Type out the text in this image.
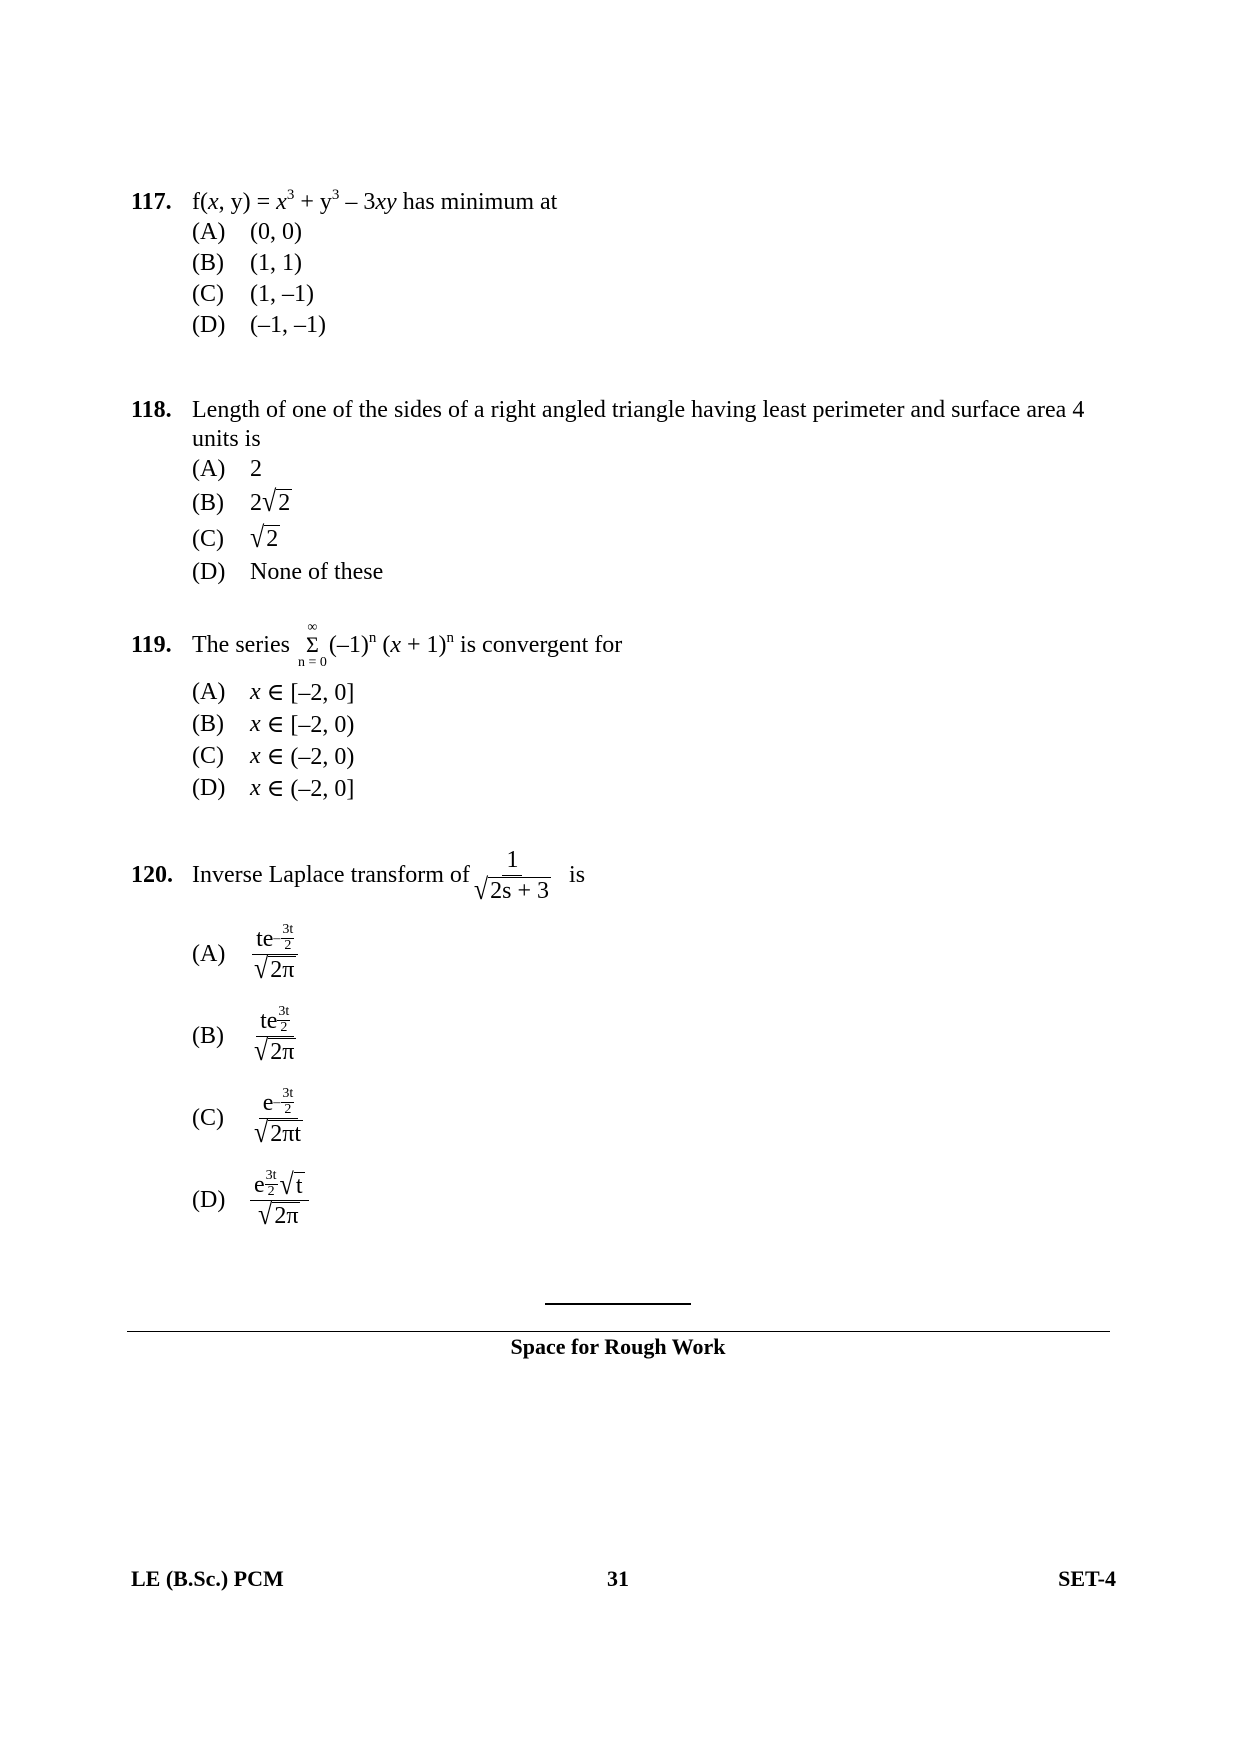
117. f(x, $y) = x^3 + y^3 - 3xy$ has minimum at
(A)	(0, 0)
(B)	(1, 1)
(C)	(1, –1)
(D)	(–1, –1)
118. Length of one of the sides of a right angled triangle having least perimeter and surface area 4 units is
(A)	2
(B)	2 √ 2
(C)	√ 2
(D)	None of these
119. The series
∞
Σ
n = 0
$(-1)^n$ $(x + 1)^n$ is convergent for
(A)	x ∈ [–2, 0]
(B)	x ∈ [–2, 0)
(C)	x ∈ (–2, 0)
(D)	x ∈ (–2, 0]
120. Inverse Laplace transform of $\frac{1}{√ 2s + 3}$ is
(A)	te –
3t
2
√ 2π
(B)	te 3t
2
√ 2π
(C)	e –
3t
2
√ 2πt
(D)	e 3t
2 √ t
√ 2π
Space for Rough Work
LE (B.Sc.) PCM	31	SET-4
